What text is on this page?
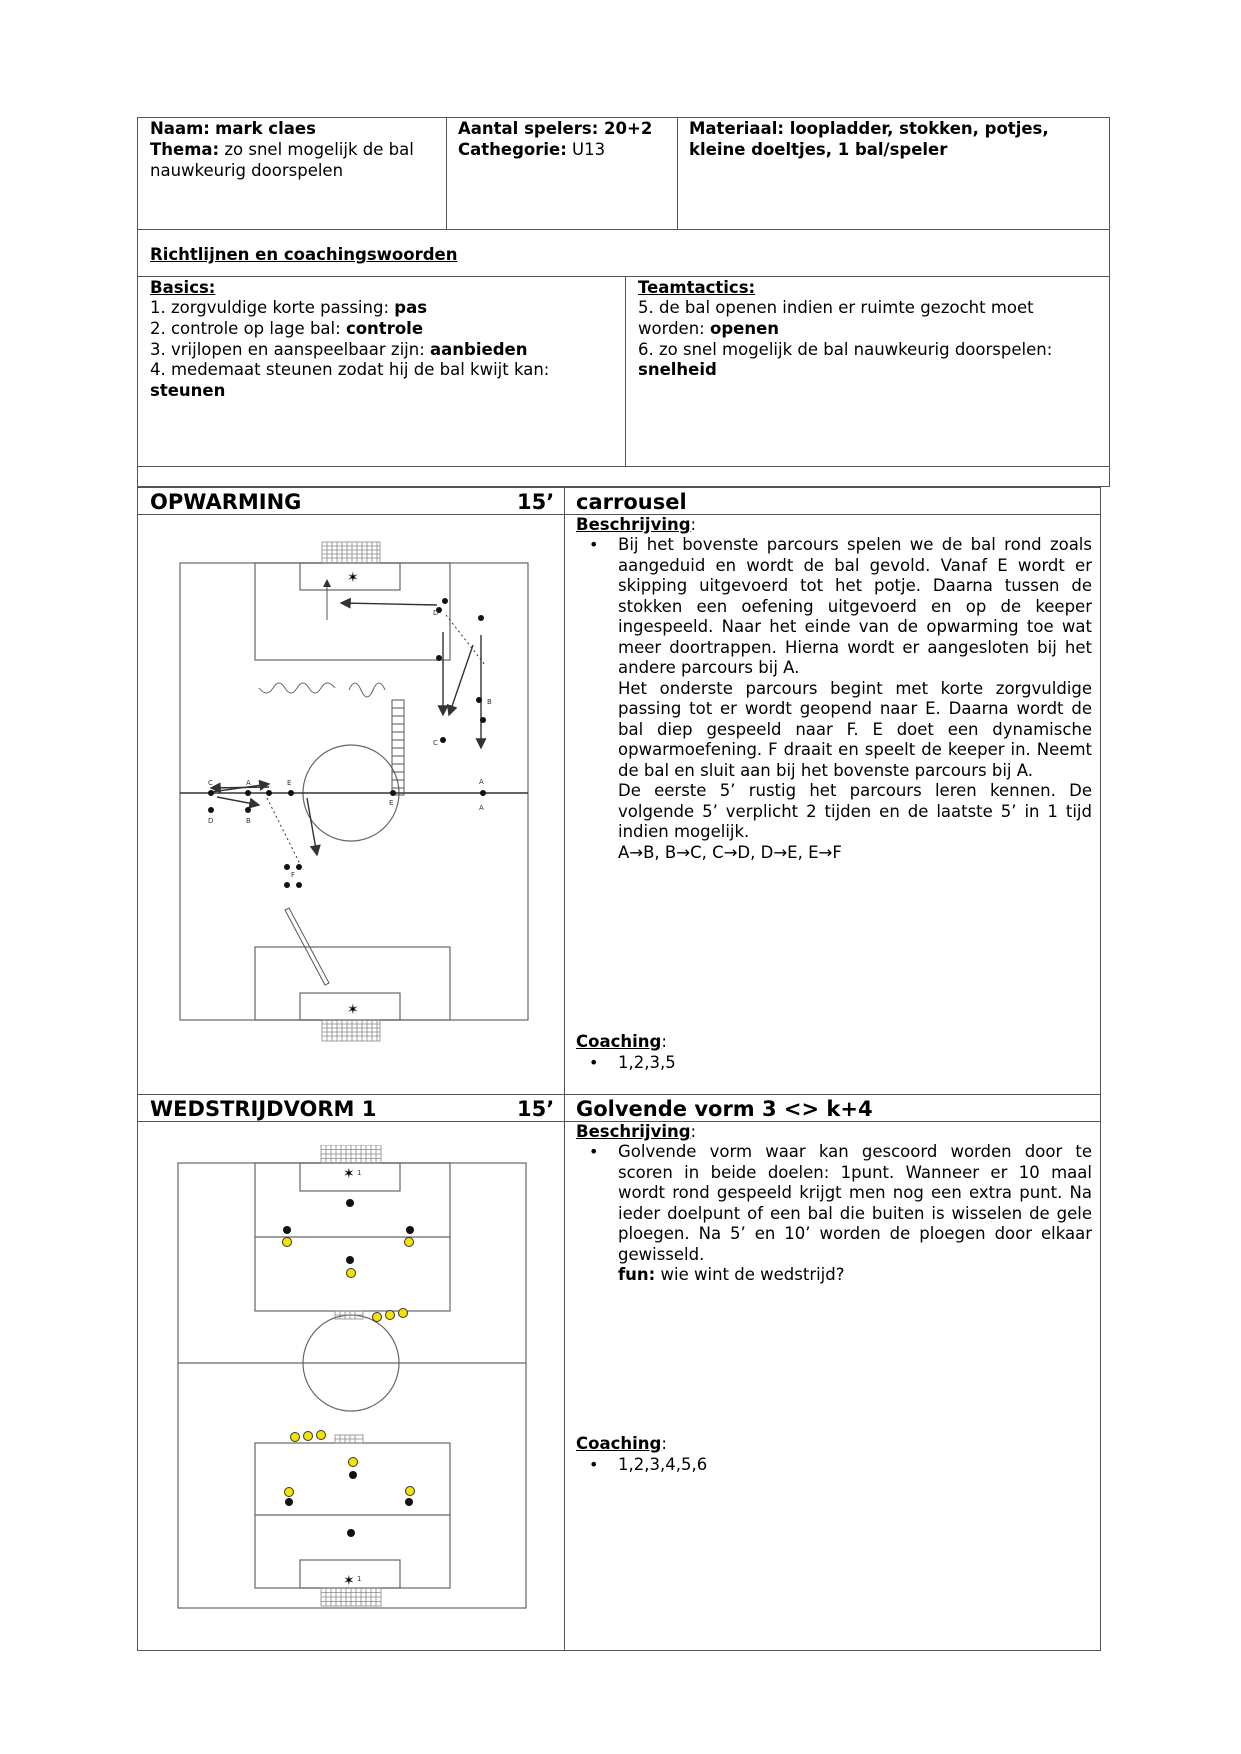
Naam: mark claes
Thema: zo snel mogelijk de bal
nauwkeurig doorspelen
Aantal spelers: 20+2
Cathegorie: U13
Materiaal: loopladder, stokken, potjes,
kleine doeltjes, 1 bal/speler
Richtlijnen en coachingswoorden
Basics:
1. zorgvuldige korte passing: pas
2. controle op lage bal: controle
3. vrijlopen en aanspeelbaar zijn: aanbieden
4. medemaat steunen zodat hij de bal kwijt kan:
steunen
Teamtactics:
5. de bal openen indien er ruimte gezocht moet
worden: openen
6. zo snel mogelijk de bal nauwkeurig doorspelen:
snelheid
OPWARMING	15’ carrousel
Beschrijving:
• Bij het bovenste parcours spelen we de bal rond zoals aangeduid en wordt de bal gevold. Vanaf E wordt er skipping uitgevoerd tot het potje. Daarna tussen de stokken een oefening uitgevoerd en op de keeper ingespeeld. Naar het einde van de opwarming toe wat meer doortrappen. Hierna wordt er aangesloten bij het andere parcours bij A.

Het onderste parcours begint met korte zorgvuldige passing tot er wordt geopend naar E. Daarna wordt de bal diep gespeeld naar F. E doet een dynamische opwarmoefening. F draait en speelt de keeper in. Neemt de bal en sluit aan bij het bovenste parcours bij A.

De eerste 5’ rustig het parcours leren kennen. De volgende 5’ verplicht 2 tijden en de laatste 5’ in 1 tijd indien mogelijk.

A→B, B→C, C→D, D→E, E→F

Coaching:
• 1,2,3,5
✶
✶
C	A	E
D	B
F
A
B
C
D
E
A
WEDSTRIJDVORM 1	15’ Golvende vorm 3 <> k+4
Beschrijving:
• Golvende vorm waar kan gescoord worden door te scoren in beide doelen: 1punt. Wanneer er 10 maal wordt rond gespeeld krijgt men nog een extra punt. Na ieder doelpunt of een bal die buiten is wisselen de gele ploegen. Na 5’ en 10’ worden de ploegen door elkaar gewisseld.
fun: wie wint de wedstrijd?
Coaching:
• 1,2,3,4,5,6
✶
✶
1
1
